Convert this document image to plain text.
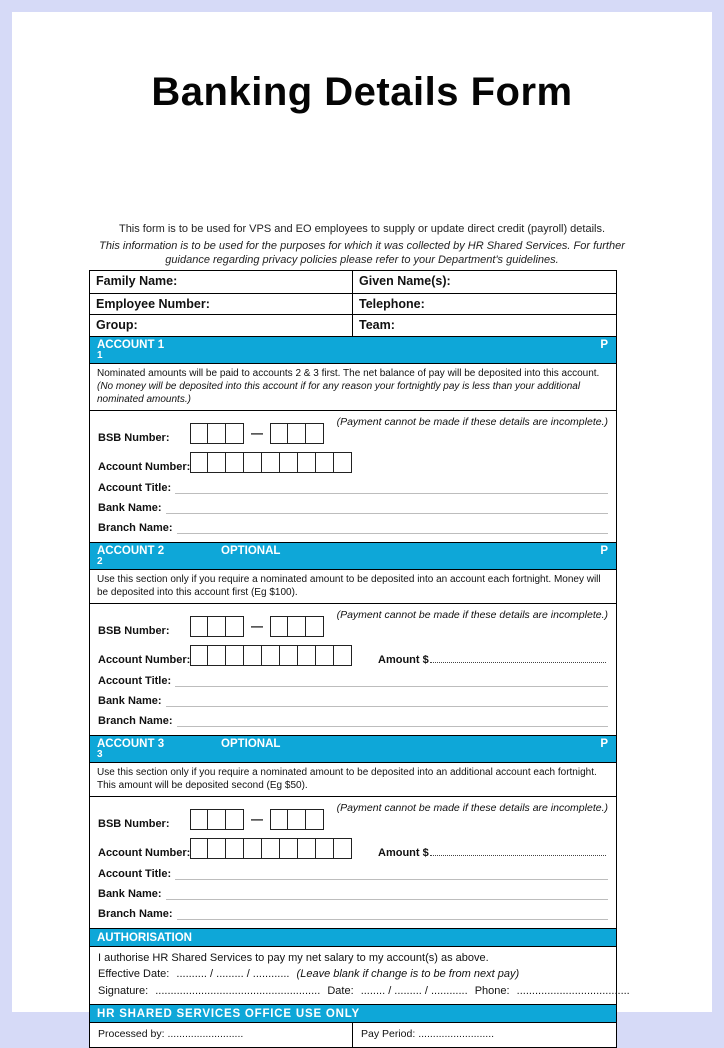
Banking Details Form
This form is to be used for VPS and EO employees to supply or update direct credit (payroll) details.
This information is to be used for the purposes for which it was collected by HR Shared Services. For further guidance regarding privacy policies please refer to your Department's guidelines.
Family Name:	Given Name(s):
Employee Number:	Telephone:
Group:	Team:
ACCOUNT 1	P
1
Nominated amounts will be paid to accounts 2 & 3 first. The net balance of pay will be deposited into this account. (No money will be deposited into this account if for any reason your fortnightly pay is less than your additional nominated amounts.)
(Payment cannot be made if these details are incomplete.)
BSB Number:	—
Account Number:
Account Title:
Bank Name:
Branch Name:
ACCOUNT 2	OPTIONAL	P
2
Use this section only if you require a nominated amount to be deposited into an account each fortnight. Money will be deposited into this account first (Eg $100).
(Payment cannot be made if these details are incomplete.)
BSB Number:	—
Account Number:	Amount $
Account Title:
Bank Name:
Branch Name:
ACCOUNT 3	OPTIONAL	P
3
Use this section only if you require a nominated amount to be deposited into an additional account each fortnight. This amount will be deposited second (Eg $50).
(Payment cannot be made if these details are incomplete.)
BSB Number:	—
Account Number:	Amount $
Account Title:
Bank Name:
Branch Name:
AUTHORISATION
I authorise HR Shared Services to pay my net salary to my account(s) as above.
Effective Date: .......... / ......... / ............ (Leave blank if change is to be from next pay)
Signature: ...................................................... Date: ........ / ......... / ............ Phone: .....................................
HR SHARED SERVICES OFFICE USE ONLY
Processed by: ..........................	Pay Period: ..........................
